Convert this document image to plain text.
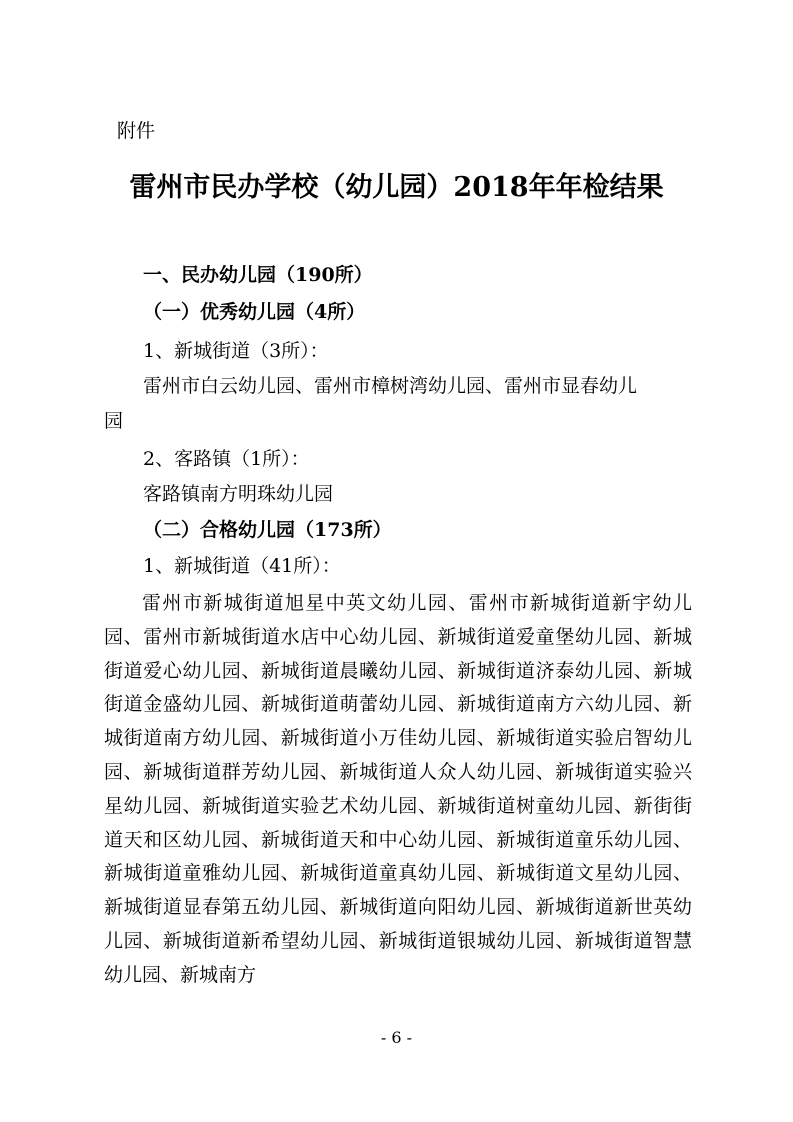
附件

雷州市民办学校（幼儿园）2018年年检结果

一、民办幼儿园（190所）

（一）优秀幼儿园（4所）

1、新城街道（3所）：

雷州市白云幼儿园、雷州市樟树湾幼儿园、雷州市显春幼儿

园

2、客路镇（1所）：

客路镇南方明珠幼儿园

（二）合格幼儿园（173所）

1、新城街道（41所）：

雷州市新城街道旭星中英文幼儿园、雷州市新城街道新宇幼儿园、雷州市新城街道水店中心幼儿园、新城街道爱童堡幼儿园、新城街道爱心幼儿园、新城街道晨曦幼儿园、新城街道济泰幼儿园、新城街道金盛幼儿园、新城街道萌蕾幼儿园、新城街道南方六幼儿园、新城街道南方幼儿园、新城街道小万佳幼儿园、新城街道实验启智幼儿园、新城街道群芳幼儿园、新城街道人众人幼儿园、新城街道实验兴星幼儿园、新城街道实验艺术幼儿园、新城街道树童幼儿园、新街街道天和区幼儿园、新城街道天和中心幼儿园、新城街道童乐幼儿园、新城街道童雅幼儿园、新城街道童真幼儿园、新城街道文星幼儿园、新城街道显春第五幼儿园、新城街道向阳幼儿园、新城街道新世英幼儿园、新城街道新希望幼儿园、新城街道银城幼儿园、新城街道智慧幼儿园、新城南方

- 6 -
